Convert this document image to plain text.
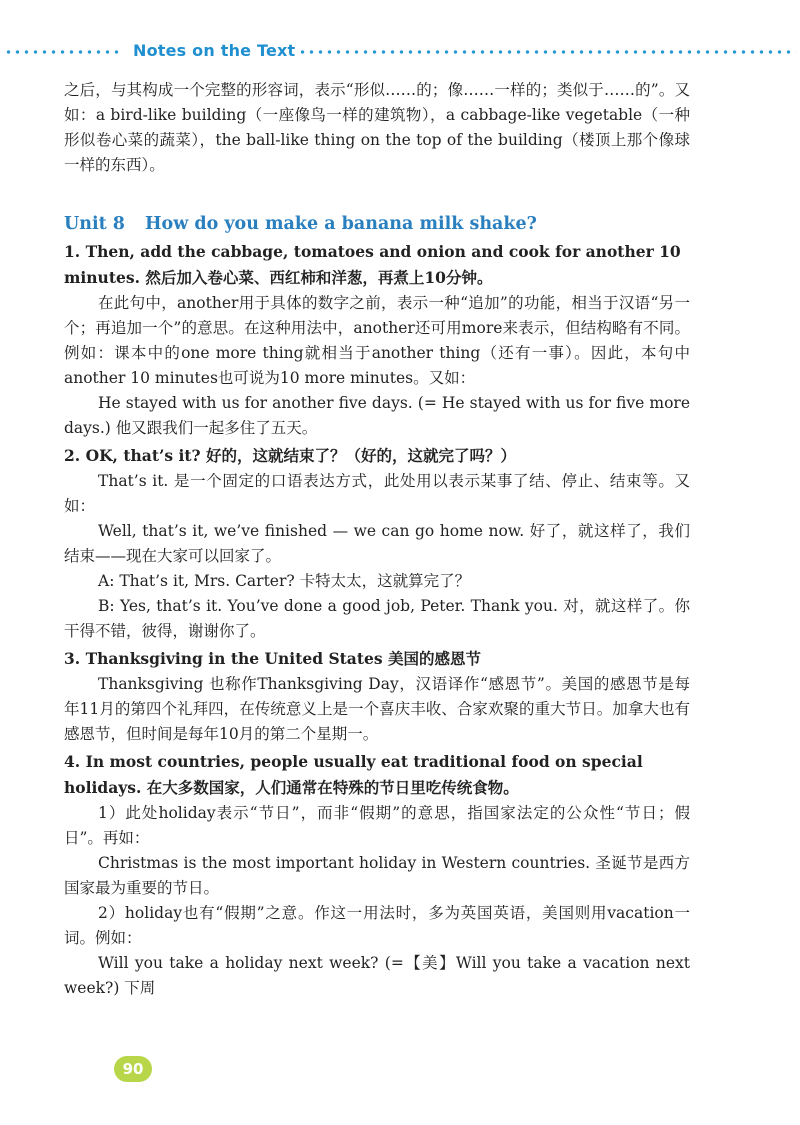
Notes on the Text

之后，与其构成一个完整的形容词，表示“形似……的；像……一样的；类似于……的”。又如：a bird-like building（一座像鸟一样的建筑物），a cabbage-like vegetable（一种形似卷心菜的蔬菜），the ball-like thing on the top of the building（楼顶上那个像球一样的东西）。

Unit 8 How do you make a banana milk shake?

1. Then, add the cabbage, tomatoes and onion and cook for another 10 minutes. 然后加入卷心菜、西红柿和洋葱，再煮上10分钟。

在此句中，another用于具体的数字之前，表示一种“追加”的功能，相当于汉语“另一个；再追加一个”的意思。在这种用法中，another还可用more来表示，但结构略有不同。例如：课本中的one more thing就相当于another thing（还有一事）。因此，本句中another 10 minutes也可说为10 more minutes。又如：

He stayed with us for another five days. (= He stayed with us for five more days.) 他又跟我们一起多住了五天。

2. OK, that’s it? 好的，这就结束了？（好的，这就完了吗？）

That’s it. 是一个固定的口语表达方式，此处用以表示某事了结、停止、结束等。又如：

Well, that’s it, we’ve finished — we can go home now. 好了，就这样了，我们结束——现在大家可以回家了。

A: That’s it, Mrs. Carter? 卡特太太，这就算完了？

B: Yes, that’s it. You’ve done a good job, Peter. Thank you. 对，就这样了。你干得不错，彼得，谢谢你了。

3. Thanksgiving in the United States 美国的感恩节

Thanksgiving 也称作Thanksgiving Day，汉语译作“感恩节”。美国的感恩节是每年11月的第四个礼拜四，在传统意义上是一个喜庆丰收、合家欢聚的重大节日。加拿大也有感恩节，但时间是每年10月的第二个星期一。

4. In most countries, people usually eat traditional food on special holidays. 在大多数国家，人们通常在特殊的节日里吃传统食物。

1）此处holiday表示“节日”，而非“假期”的意思，指国家法定的公众性“节日；假日”。再如：

Christmas is the most important holiday in Western countries. 圣诞节是西方国家最为重要的节日。

2）holiday也有“假期”之意。作这一用法时，多为英国英语，美国则用vacation一词。例如：

Will you take a holiday next week? (=【美】Will you take a vacation next week?) 下周

90
